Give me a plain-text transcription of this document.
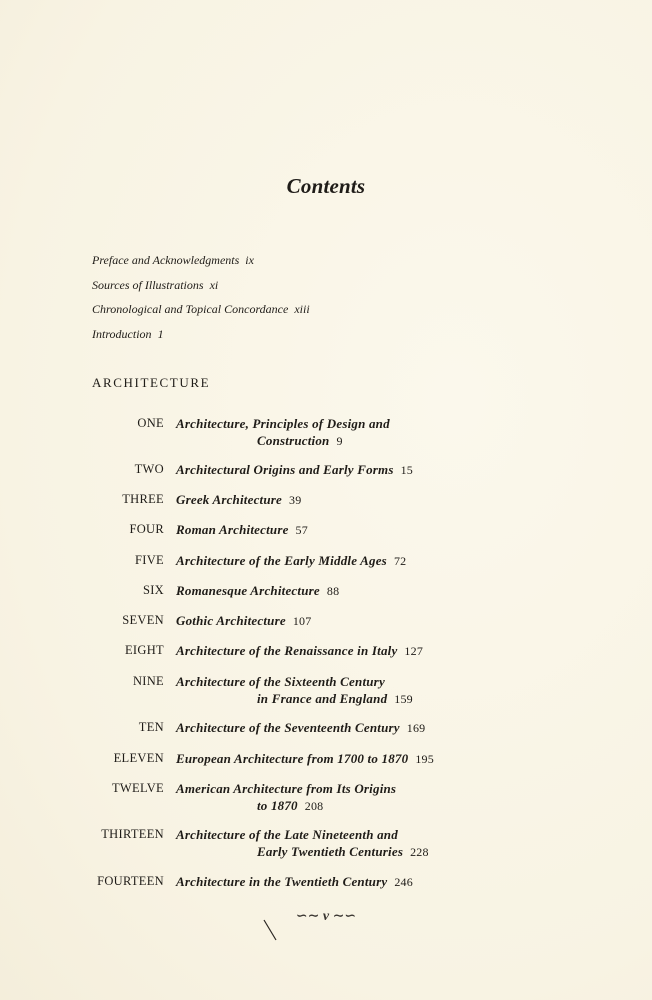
Contents
Preface and Acknowledgments ix
Sources of Illustrations xi
Chronological and Topical Concordance xiii
Introduction 1
ARCHITECTURE
ONE Architecture, Principles of Design and
Construction 9
TWO Architectural Origins and Early Forms 15
THREE Greek Architecture 39
FOUR Roman Architecture 57
FIVE Architecture of the Early Middle Ages 72
SIX Romanesque Architecture 88
SEVEN Gothic Architecture 107
EIGHT Architecture of the Renaissance in Italy 127
NINE Architecture of the Sixteenth Century
in France and England 159
TEN Architecture of the Seventeenth Century 169
ELEVEN European Architecture from 1700 to 1870 195
TWELVE American Architecture from Its Origins
to 1870 208
THIRTEEN Architecture of the Late Nineteenth and
Early Twentieth Centuries 228
FOURTEEN Architecture in the Twentieth Century 246
∽∼ v ∼∽
